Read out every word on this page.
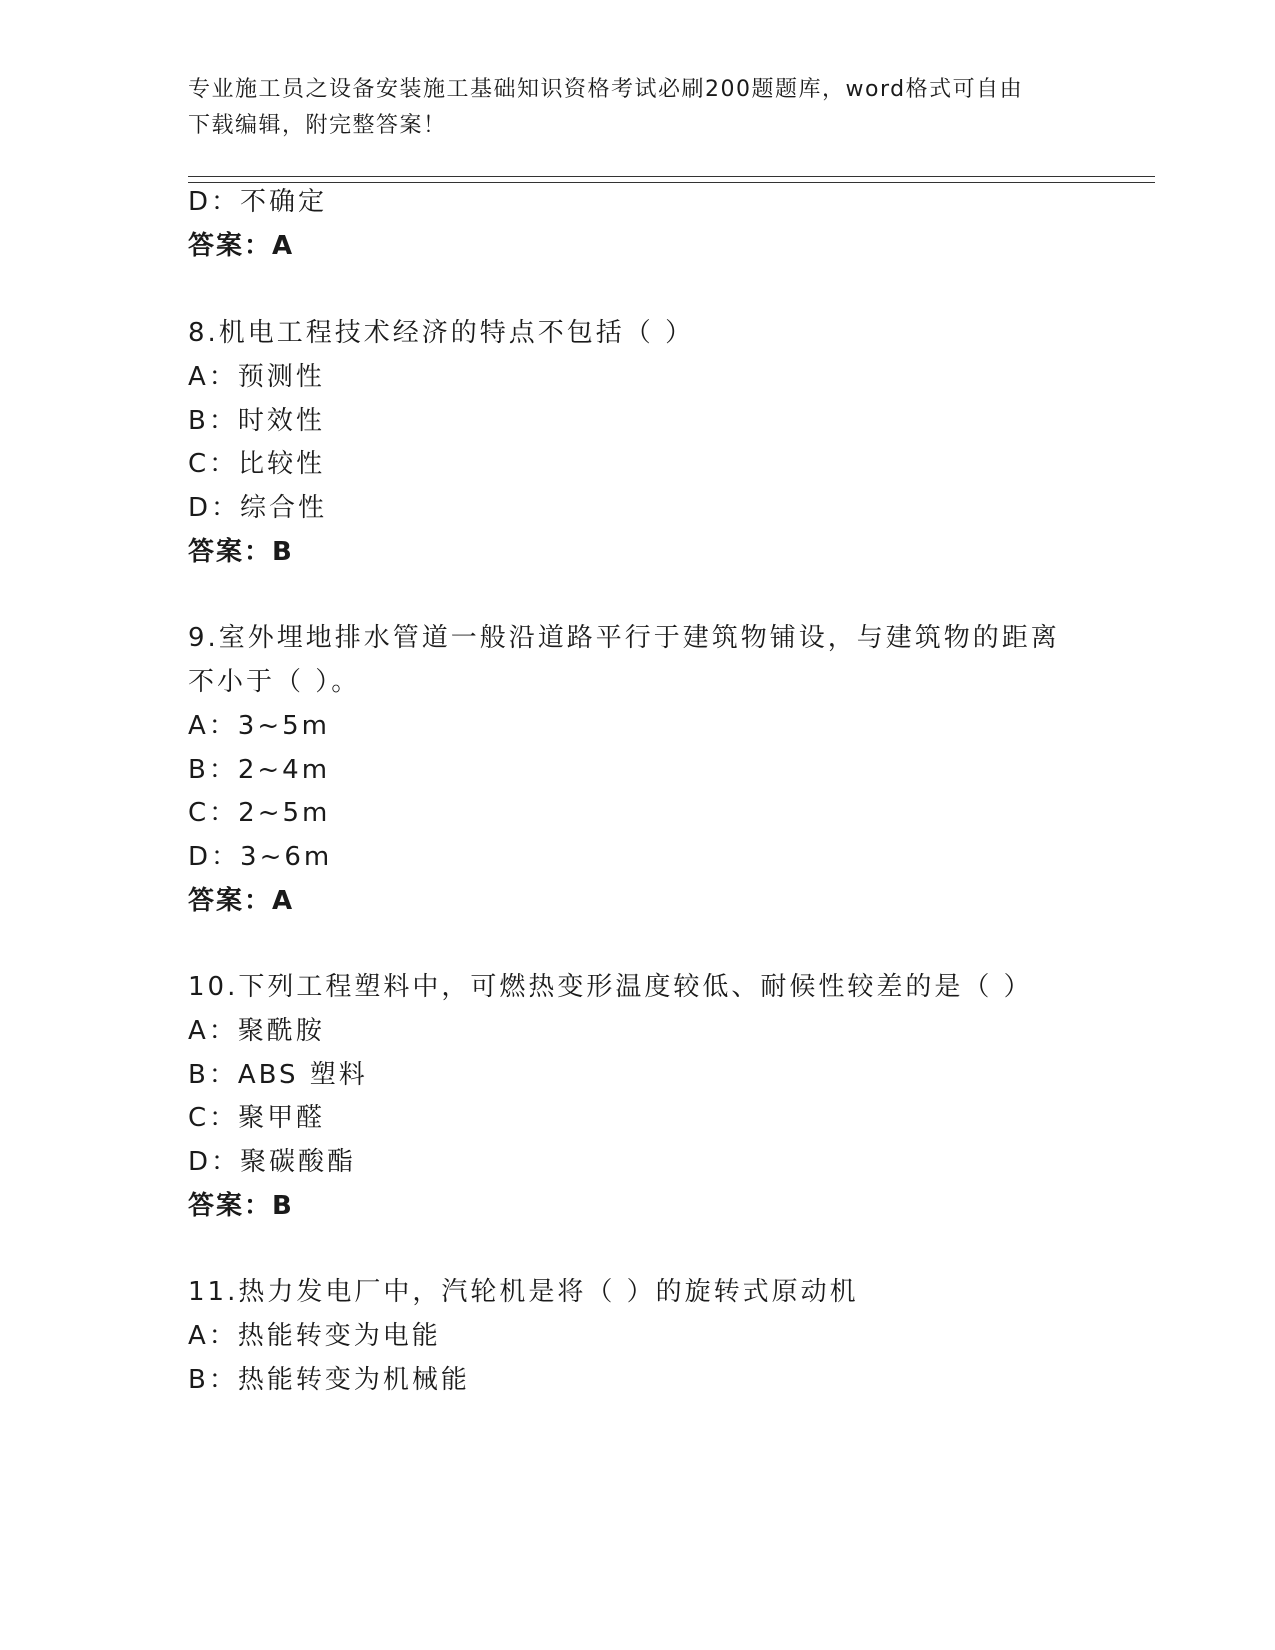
专业施工员之设备安装施工基础知识资格考试必刷200题题库，word格式可自由
下载编辑，附完整答案！
D：不确定
答案：A
8.机电工程技术经济的特点不包括（ ）
A：预测性
B：时效性
C：比较性
D：综合性
答案：B
9.室外埋地排水管道一般沿道路平行于建筑物铺设，与建筑物的距离
不小于（ ）。
A：3~5m
B：2~4m
C：2~5m
D：3~6m
答案：A
10.下列工程塑料中，可燃热变形温度较低、耐候性较差的是（ ）
A：聚酰胺
B：ABS 塑料
C：聚甲醛
D：聚碳酸酯
答案：B
11.热力发电厂中，汽轮机是将（ ）的旋转式原动机
A：热能转变为电能
B：热能转变为机械能
